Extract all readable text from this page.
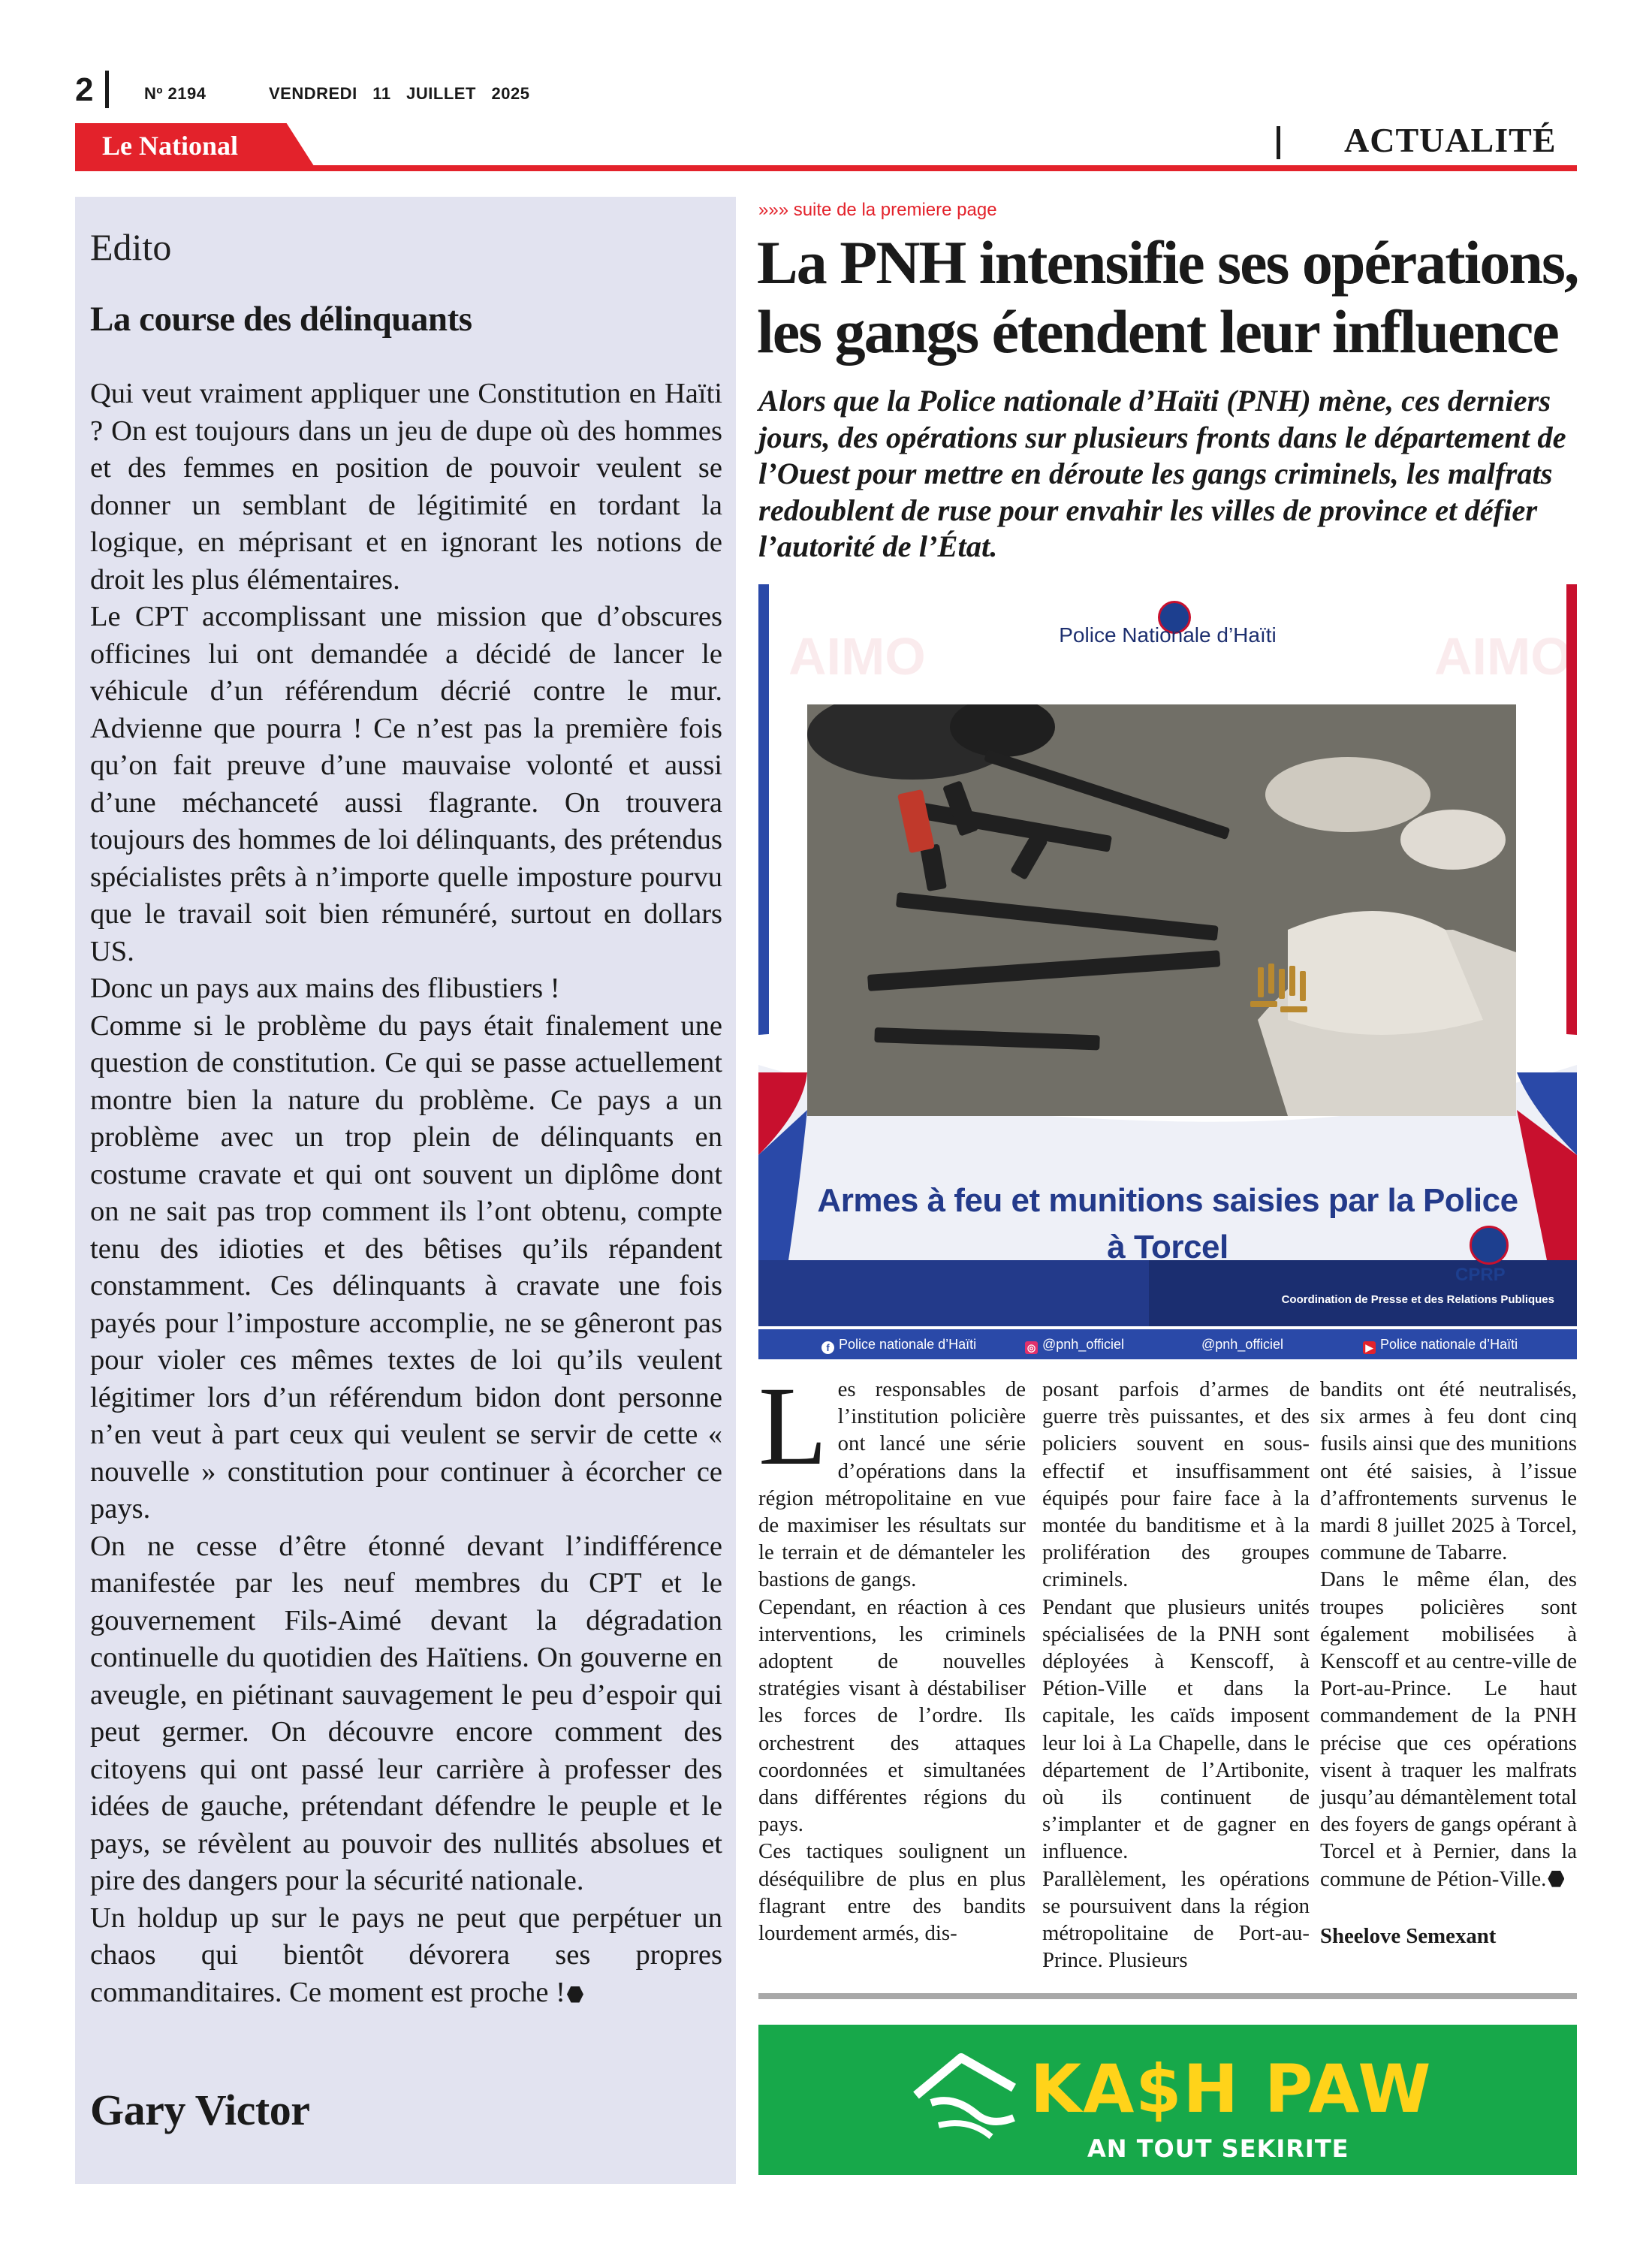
2	Nº 2194	VENDREDI 11 JUILLET 2025
Le National	ACTUALITÉ
Edito
La course des délinquants

Qui veut vraiment appliquer une Constitution en Haïti ? On est toujours dans un jeu de dupe où des hommes et des femmes en position de pouvoir veulent se donner un semblant de légitimité en tordant la logique, en méprisant et en ignorant les notions de droit les plus élémentaires.

Le CPT accomplissant une mission que d’obscures officines lui ont demandée a décidé de lancer le véhicule d’un référendum décrié contre le mur. Advienne que pourra ! Ce n’est pas la première fois qu’on fait preuve d’une mauvaise volonté et aussi d’une méchanceté aussi flagrante. On trouvera toujours des hommes de loi délinquants, des prétendus spécialistes prêts à n’importe quelle imposture pourvu que le travail soit bien rémunéré, surtout en dollars US.

Donc un pays aux mains des flibustiers !

Comme si le problème du pays était finalement une question de constitution. Ce qui se passe actuellement montre bien la nature du problème. Ce pays a un problème avec un trop plein de délinquants en costume cravate et qui ont souvent un diplôme dont on ne sait pas trop comment ils l’ont obtenu, compte tenu des idioties et des bêtises qu’ils répandent constamment. Ces délinquants à cravate une fois payés pour l’imposture accomplie, ne se gêneront pas pour violer ces mêmes textes de loi qu’ils veulent légitimer lors d’un référendum bidon dont personne n’en veut à part ceux qui veulent se servir de cette « nouvelle » constitution pour continuer à écorcher ce pays.

On ne cesse d’être étonné devant l’indifférence manifestée par les neuf membres du CPT et le gouvernement Fils-Aimé devant la dégradation continuelle du quotidien des Haïtiens. On gouverne en aveugle, en piétinant sauvagement le peu d’espoir qui peut germer. On découvre encore comment des citoyens qui ont passé leur carrière à professer des idées de gauche, prétendant défendre le peuple et le pays, se révèlent au pouvoir des nullités absolues et pire des dangers pour la sécurité nationale.

Un holdup up sur le pays ne peut que perpétuer un chaos qui bientôt dévorera ses propres commanditaires. Ce moment est proche !

Gary Victor
»»» suite de la premiere page
La PNH intensifie ses opérations,
les gangs étendent leur influence
Alors que la Police nationale d’Haïti (PNH) mène, ces derniers jours, des opérations sur plusieurs fronts dans le département de l’Ouest pour mettre en déroute les gangs criminels, les malfrats redoublent de ruse pour envahir les villes de province et défier l’autorité de l’État.
AIMO	AIMO
Police Nationale d’Haïti
Armes à feu et munitions saisies par la Police
à Torcel
CPRP
Coordination de Presse et des Relations Publiques
f Police nationale d’Haïti	◎ @pnh_officiel	@pnh_officiel	▶ Police nationale d’Haïti
L es responsables de l’institution policière ont lancé une série d’opérations dans la région métropolitaine en vue de maximiser les résultats sur le terrain et de démanteler les bastions de gangs.

Cependant, en réaction à ces interventions, les criminels adoptent de nouvelles stratégies visant à déstabiliser les forces de l’ordre. Ils orchestrent des attaques coordonnées et simultanées dans différentes régions du pays.

Ces tactiques soulignent un déséquilibre de plus en plus flagrant entre des bandits lourdement armés, dis-

posant parfois d’armes de guerre très puissantes, et des policiers souvent en sous-effectif et insuffisamment équipés pour faire face à la montée du banditisme et à la prolifération des groupes criminels.

Pendant que plusieurs unités spécialisées de la PNH sont déployées à Kenscoff, à Pétion-Ville et dans la capitale, les caïds imposent leur loi à La Chapelle, dans le département de l’Artibonite, où ils continuent de s’implanter et de gagner en influence.

Parallèlement, les opérations se poursuivent dans la région métropolitaine de Port-au-Prince. Plusieurs

bandits ont été neutralisés, six armes à feu dont cinq fusils ainsi que des munitions ont été saisies, à l’issue d’affrontements survenus le mardi 8 juillet 2025 à Torcel, commune de Tabarre.

Dans le même élan, des troupes policières sont également mobilisées à Kenscoff et au centre-ville de Port-au-Prince. Le haut commandement de la PNH précise que ces opérations visent à traquer les malfrats jusqu’au démantèlement total des foyers de gangs opérant à Torcel et à Pernier, dans la commune de Pétion-Ville.

Sheelove Semexant

KA$H PAW
AN TOUT SEKIRITE
